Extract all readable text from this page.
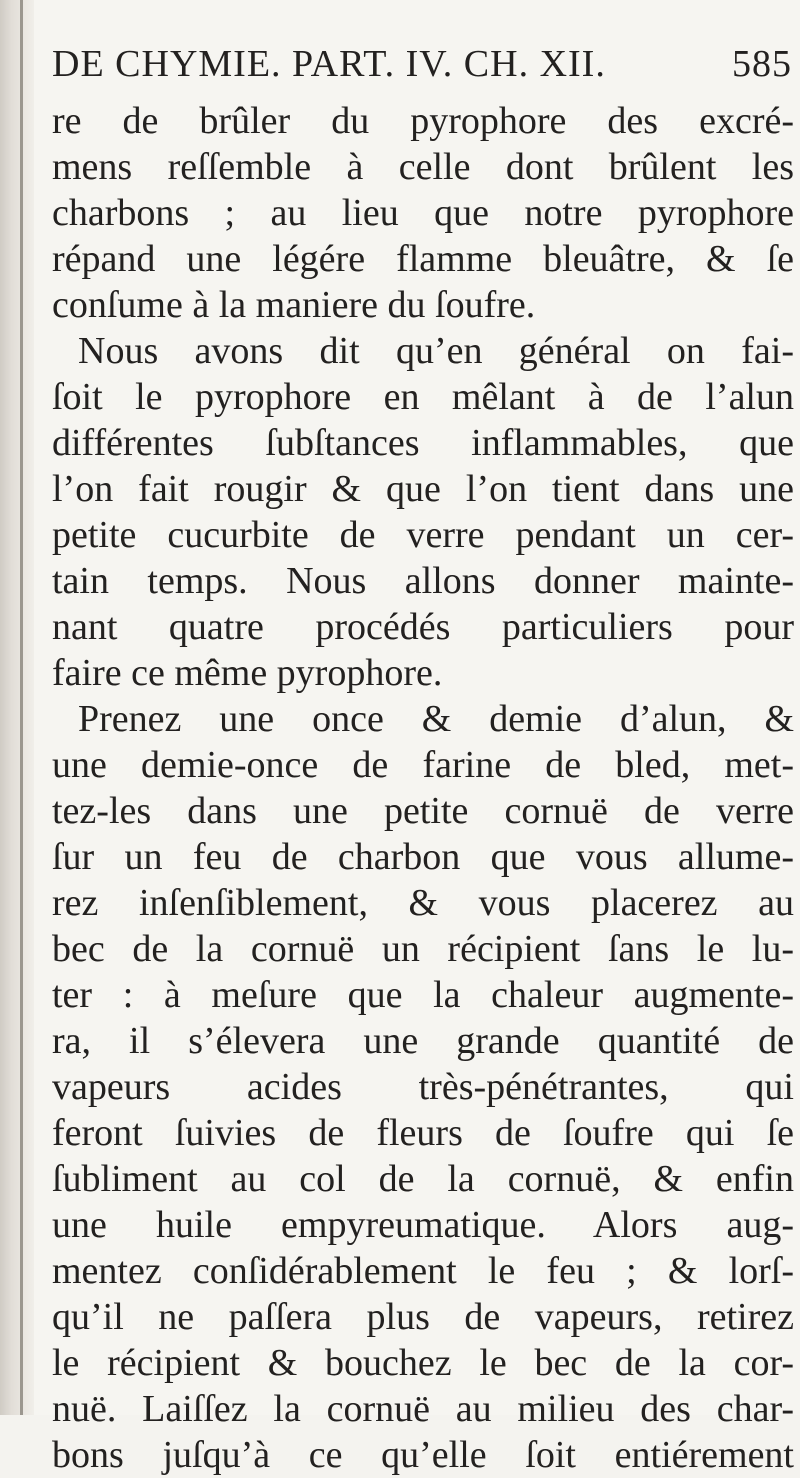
DE CHYMIE. PART. IV. CH. XII.	585
re de brûler du pyrophore des excré-
mens reſſemble à celle dont brûlent les
charbons ; au lieu que notre pyrophore
répand une légére flamme bleuâtre, & ſe
conſume à la maniere du ſoufre.
Nous avons dit qu’en général on fai-
ſoit le pyrophore en mêlant à de l’alun
différentes ſubſtances inflammables, que
l’on fait rougir & que l’on tient dans une
petite cucurbite de verre pendant un cer-
tain temps. Nous allons donner mainte-
nant quatre procédés particuliers pour
faire ce même pyrophore.
Prenez une once & demie d’alun, &
une demie-once de farine de bled, met-
tez-les dans une petite cornuë de verre
ſur un feu de charbon que vous allume-
rez inſenſiblement, & vous placerez au
bec de la cornuë un récipient ſans le lu-
ter : à meſure que la chaleur augmente-
ra, il s’élevera une grande quantité de
vapeurs acides très-pénétrantes, qui
feront ſuivies de fleurs de ſoufre qui ſe
ſubliment au col de la cornuë, & enfin
une huile empyreumatique. Alors aug-
mentez conſidérablement le feu ; & lorſ-
qu’il ne paſſera plus de vapeurs, retirez
le récipient & bouchez le bec de la cor-
nuë. Laiſſez la cornuë au milieu des char-
bons juſqu’à ce qu’elle ſoit entiérement
